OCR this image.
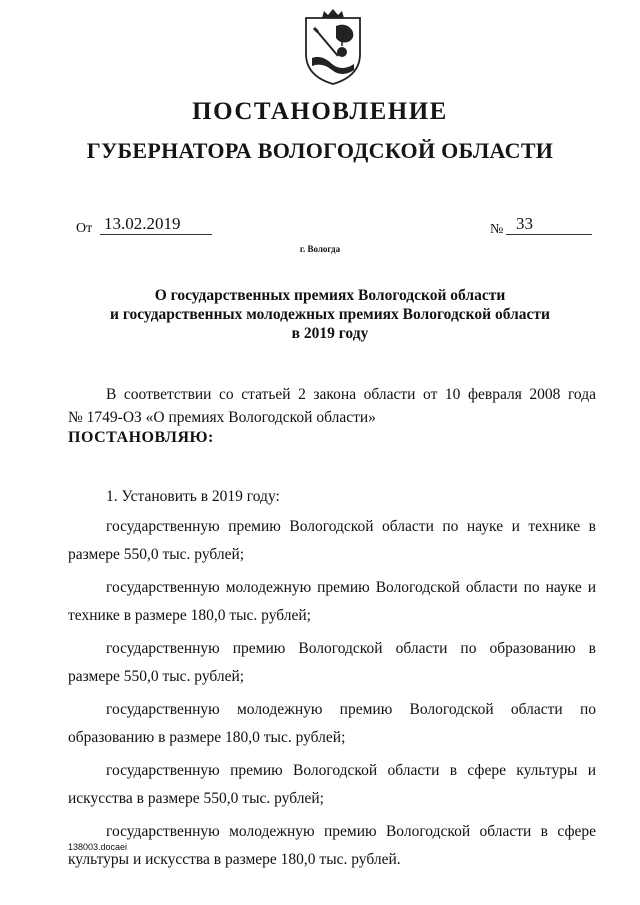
ПОСТАНОВЛЕНИЕ
ГУБЕРНАТОРА ВОЛОГОДСКОЙ ОБЛАСТИ
От 13.02.2019	№ 33
г. Вологда
О государственных премиях Вологодской области
и государственных молодежных премиях Вологодской области
в 2019 году
В соответствии со статьей 2 закона области от 10 февраля 2008 года
№ 1749-ОЗ «О премиях Вологодской области»
ПОСТАНОВЛЯЮ:
1. Установить в 2019 году:

государственную премию Вологодской области по науке и технике в размере 550,0 тыс. рублей;

государственную молодежную премию Вологодской области по науке и технике в размере 180,0 тыс. рублей;

государственную премию Вологодской области по образованию в размере 550,0 тыс. рублей;

государственную молодежную премию Вологодской области по образованию в размере 180,0 тыс. рублей;

государственную премию Вологодской области в сфере культуры и искусства в размере 550,0 тыс. рублей;

государственную молодежную премию Вологодской области в сфере культуры и искусства в размере 180,0 тыс. рублей.

138003.docaei
